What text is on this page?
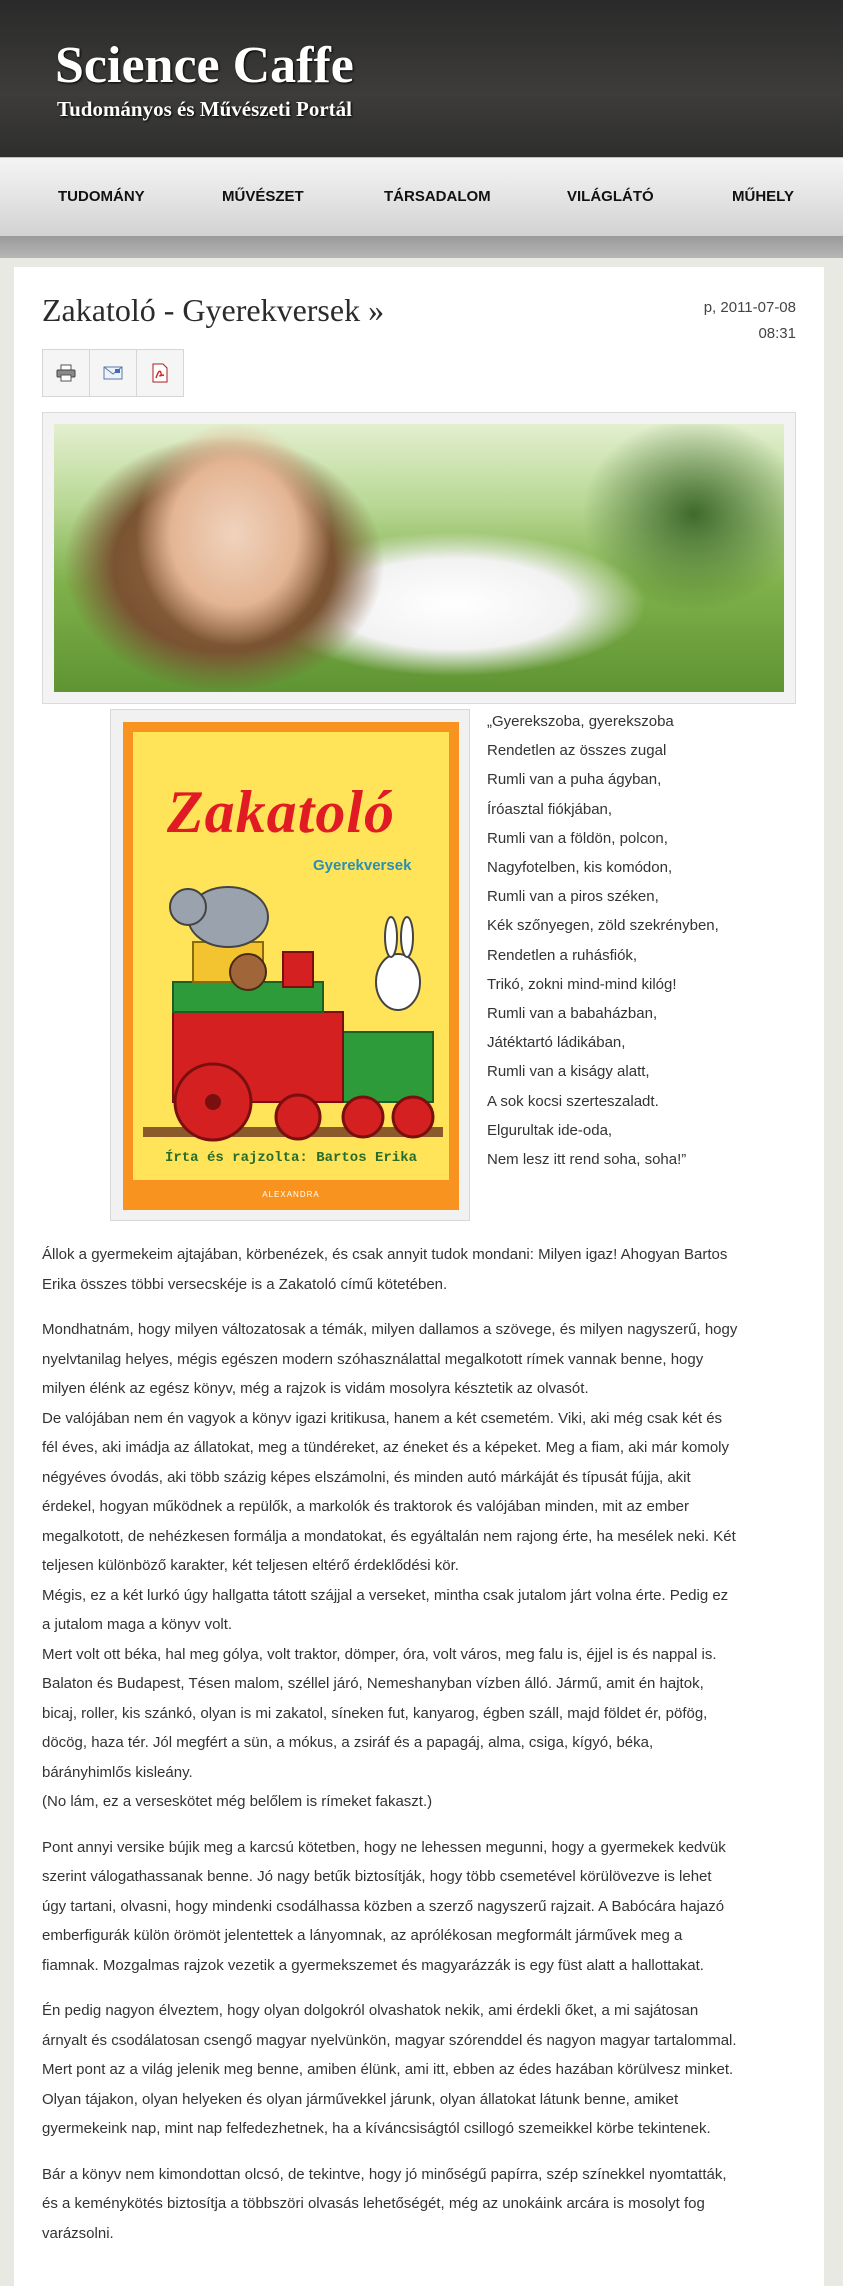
Science Caffe
Tudományos és Művészeti Portál
TUDOMÁNY	MŰVÉSZET	TÁRSADALOM	VILÁGLÁTÓ	MŰHELY
Zakatoló - Gyerekversek »	p, 2011-07-08
08:31
Zakatoló
Gyerekversek
Írta és rajzolta: Bartos Erika
ALEXANDRA
„Gyerekszoba, gyerekszoba
Rendetlen az összes zugal
Rumli van a puha ágyban,
Íróasztal fiókjában,
Rumli van a földön, polcon,
Nagyfotelben, kis komódon,
Rumli van a piros széken,
Kék szőnyegen, zöld szekrényben,
Rendetlen a ruhásfiók,
Trikó, zokni mind-mind kilóg!
Rumli van a babaházban,
Játéktartó ládikában,
Rumli van a kiságy alatt,
A sok kocsi szerteszaladt.
Elgurultak ide-oda,
Nem lesz itt rend soha, soha!”

Állok a gyermekeim ajtajában, körbenézek, és csak annyit tudok mondani: Milyen igaz! Ahogyan Bartos
Erika összes többi versecskéje is a Zakatoló című kötetében.

Mondhatnám, hogy milyen változatosak a témák, milyen dallamos a szövege, és milyen nagyszerű, hogy
nyelvtanilag helyes, mégis egészen modern szóhasználattal megalkotott rímek vannak benne, hogy
milyen élénk az egész könyv, még a rajzok is vidám mosolyra késztetik az olvasót.
De valójában nem én vagyok a könyv igazi kritikusa, hanem a két csemetém. Viki, aki még csak két és
fél éves, aki imádja az állatokat, meg a tündéreket, az éneket és a képeket. Meg a fiam, aki már komoly
négyéves óvodás, aki több százig képes elszámolni, és minden autó márkáját és típusát fújja, akit
érdekel, hogyan működnek a repülők, a markolók és traktorok és valójában minden, mit az ember
megalkotott, de nehézkesen formálja a mondatokat, és egyáltalán nem rajong érte, ha mesélek neki. Két
teljesen különböző karakter, két teljesen eltérő érdeklődési kör.
Mégis, ez a két lurkó úgy hallgatta tátott szájjal a verseket, mintha csak jutalom járt volna érte. Pedig ez
a jutalom maga a könyv volt.
Mert volt ott béka, hal meg gólya, volt traktor, dömper, óra, volt város, meg falu is, éjjel is és nappal is.
Balaton és Budapest, Tésen malom, széllel járó, Nemeshanyban vízben álló. Jármű, amit én hajtok,
bicaj, roller, kis szánkó, olyan is mi zakatol, síneken fut, kanyarog, égben száll, majd földet ér, pöfög,
döcög, haza tér. Jól megfért a sün, a mókus, a zsiráf és a papagáj, alma, csiga, kígyó, béka,
bárányhimlős kisleány.
(No lám, ez a verseskötet még belőlem is rímeket fakaszt.)

Pont annyi versike bújik meg a karcsú kötetben, hogy ne lehessen megunni, hogy a gyermekek kedvük
szerint válogathassanak benne. Jó nagy betűk biztosítják, hogy több csemetével körülövezve is lehet
úgy tartani, olvasni, hogy mindenki csodálhassa közben a szerző nagyszerű rajzait. A Babócára hajazó
emberfigurák külön örömöt jelentettek a lányomnak, az aprólékosan megformált járművek meg a
fiamnak. Mozgalmas rajzok vezetik a gyermekszemet és magyarázzák is egy füst alatt a hallottakat.

Én pedig nagyon élveztem, hogy olyan dolgokról olvashatok nekik, ami érdekli őket, a mi sajátosan
árnyalt és csodálatosan csengő magyar nyelvünkön, magyar szórenddel és nagyon magyar tartalommal.
Mert pont az a világ jelenik meg benne, amiben élünk, ami itt, ebben az édes hazában körülvesz minket.
Olyan tájakon, olyan helyeken és olyan járművekkel járunk, olyan állatokat látunk benne, amiket
gyermekeink nap, mint nap felfedezhetnek, ha a kíváncsiságtól csillogó szemeikkel körbe tekintenek.

Bár a könyv nem kimondottan olcsó, de tekintve, hogy jó minőségű papírra, szép színekkel nyomtatták,
és a keménykötés biztosítja a többszöri olvasás lehetőségét, még az unokáink arcára is mosolyt fog
varázsolni.
